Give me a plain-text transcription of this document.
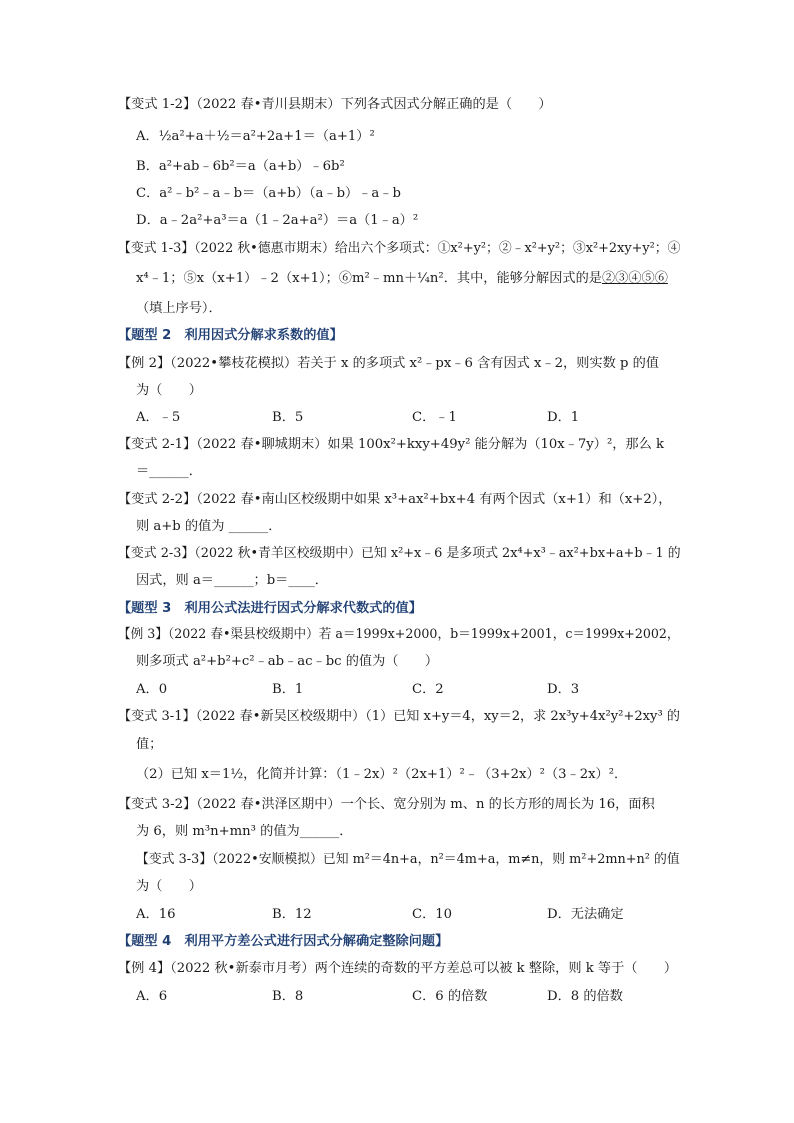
【变式 1-2】（2022 春•青川县期末）下列各式因式分解正确的是（　　）
A．½a²+a＋½＝a²+2a+1＝（a+1）²
B．a²+ab﹣6b²＝a（a+b）﹣6b²
C．a²﹣b²﹣a﹣b＝（a+b）（a﹣b）﹣a﹣b
D．a﹣2a²+a³＝a（1﹣2a+a²）＝a（1﹣a）²
【变式 1-3】（2022 秋•德惠市期末）给出六个多项式：①x²+y²；②﹣x²+y²；③x²+2xy+y²；④
x⁴﹣1；⑤x（x+1）﹣2（x+1）；⑥m²﹣mn＋¼n²．其中，能够分解因式的是②③④⑤⑥
（填上序号）．
【题型 2　利用因式分解求系数的值】
【例 2】（2022•攀枝花模拟）若关于 x 的多项式 x²﹣px﹣6 含有因式 x﹣2，则实数 p 的值
为（　　）
A．﹣5	B．5	C．﹣1	D．1
【变式 2-1】（2022 春•聊城期末）如果 100x²+kxy+49y² 能分解为（10x﹣7y）²，那么 k
＝______．
【变式 2-2】（2022 春•南山区校级期中如果 x³+ax²+bx+4 有两个因式（x+1）和（x+2），
则 a+b 的值为 ______．
【变式 2-3】（2022 秋•青羊区校级期中）已知 x²+x﹣6 是多项式 2x⁴+x³﹣ax²+bx+a+b﹣1 的
因式，则 a＝______；b＝____．
【题型 3　利用公式法进行因式分解求代数式的值】
【例 3】（2022 春•渠县校级期中）若 a＝1999x+2000，b＝1999x+2001，c＝1999x+2002，
则多项式 a²+b²+c²﹣ab﹣ac﹣bc 的值为（　　）
A．0	B．1	C．2	D．3
【变式 3-1】（2022 春•新吴区校级期中）（1）已知 x+y＝4，xy＝2，求 2x³y+4x²y²+2xy³ 的
值；
（2）已知 x＝1½，化简并计算：（1﹣2x）²（2x+1）²﹣（3+2x）²（3﹣2x）²．
【变式 3-2】（2022 春•洪泽区期中）一个长、宽分别为 m、n 的长方形的周长为 16，面积
为 6，则 m³n+mn³ 的值为______．
【变式 3-3】（2022•安顺模拟）已知 m²＝4n+a，n²＝4m+a，m≠n，则 m²+2mn+n² 的值
为（　　）
A．16	B．12	C．10	D．无法确定
【题型 4　利用平方差公式进行因式分解确定整除问题】
【例 4】（2022 秋•新泰市月考）两个连续的奇数的平方差总可以被 k 整除，则 k 等于（　　）
A．6	B．8	C．6 的倍数	D．8 的倍数
